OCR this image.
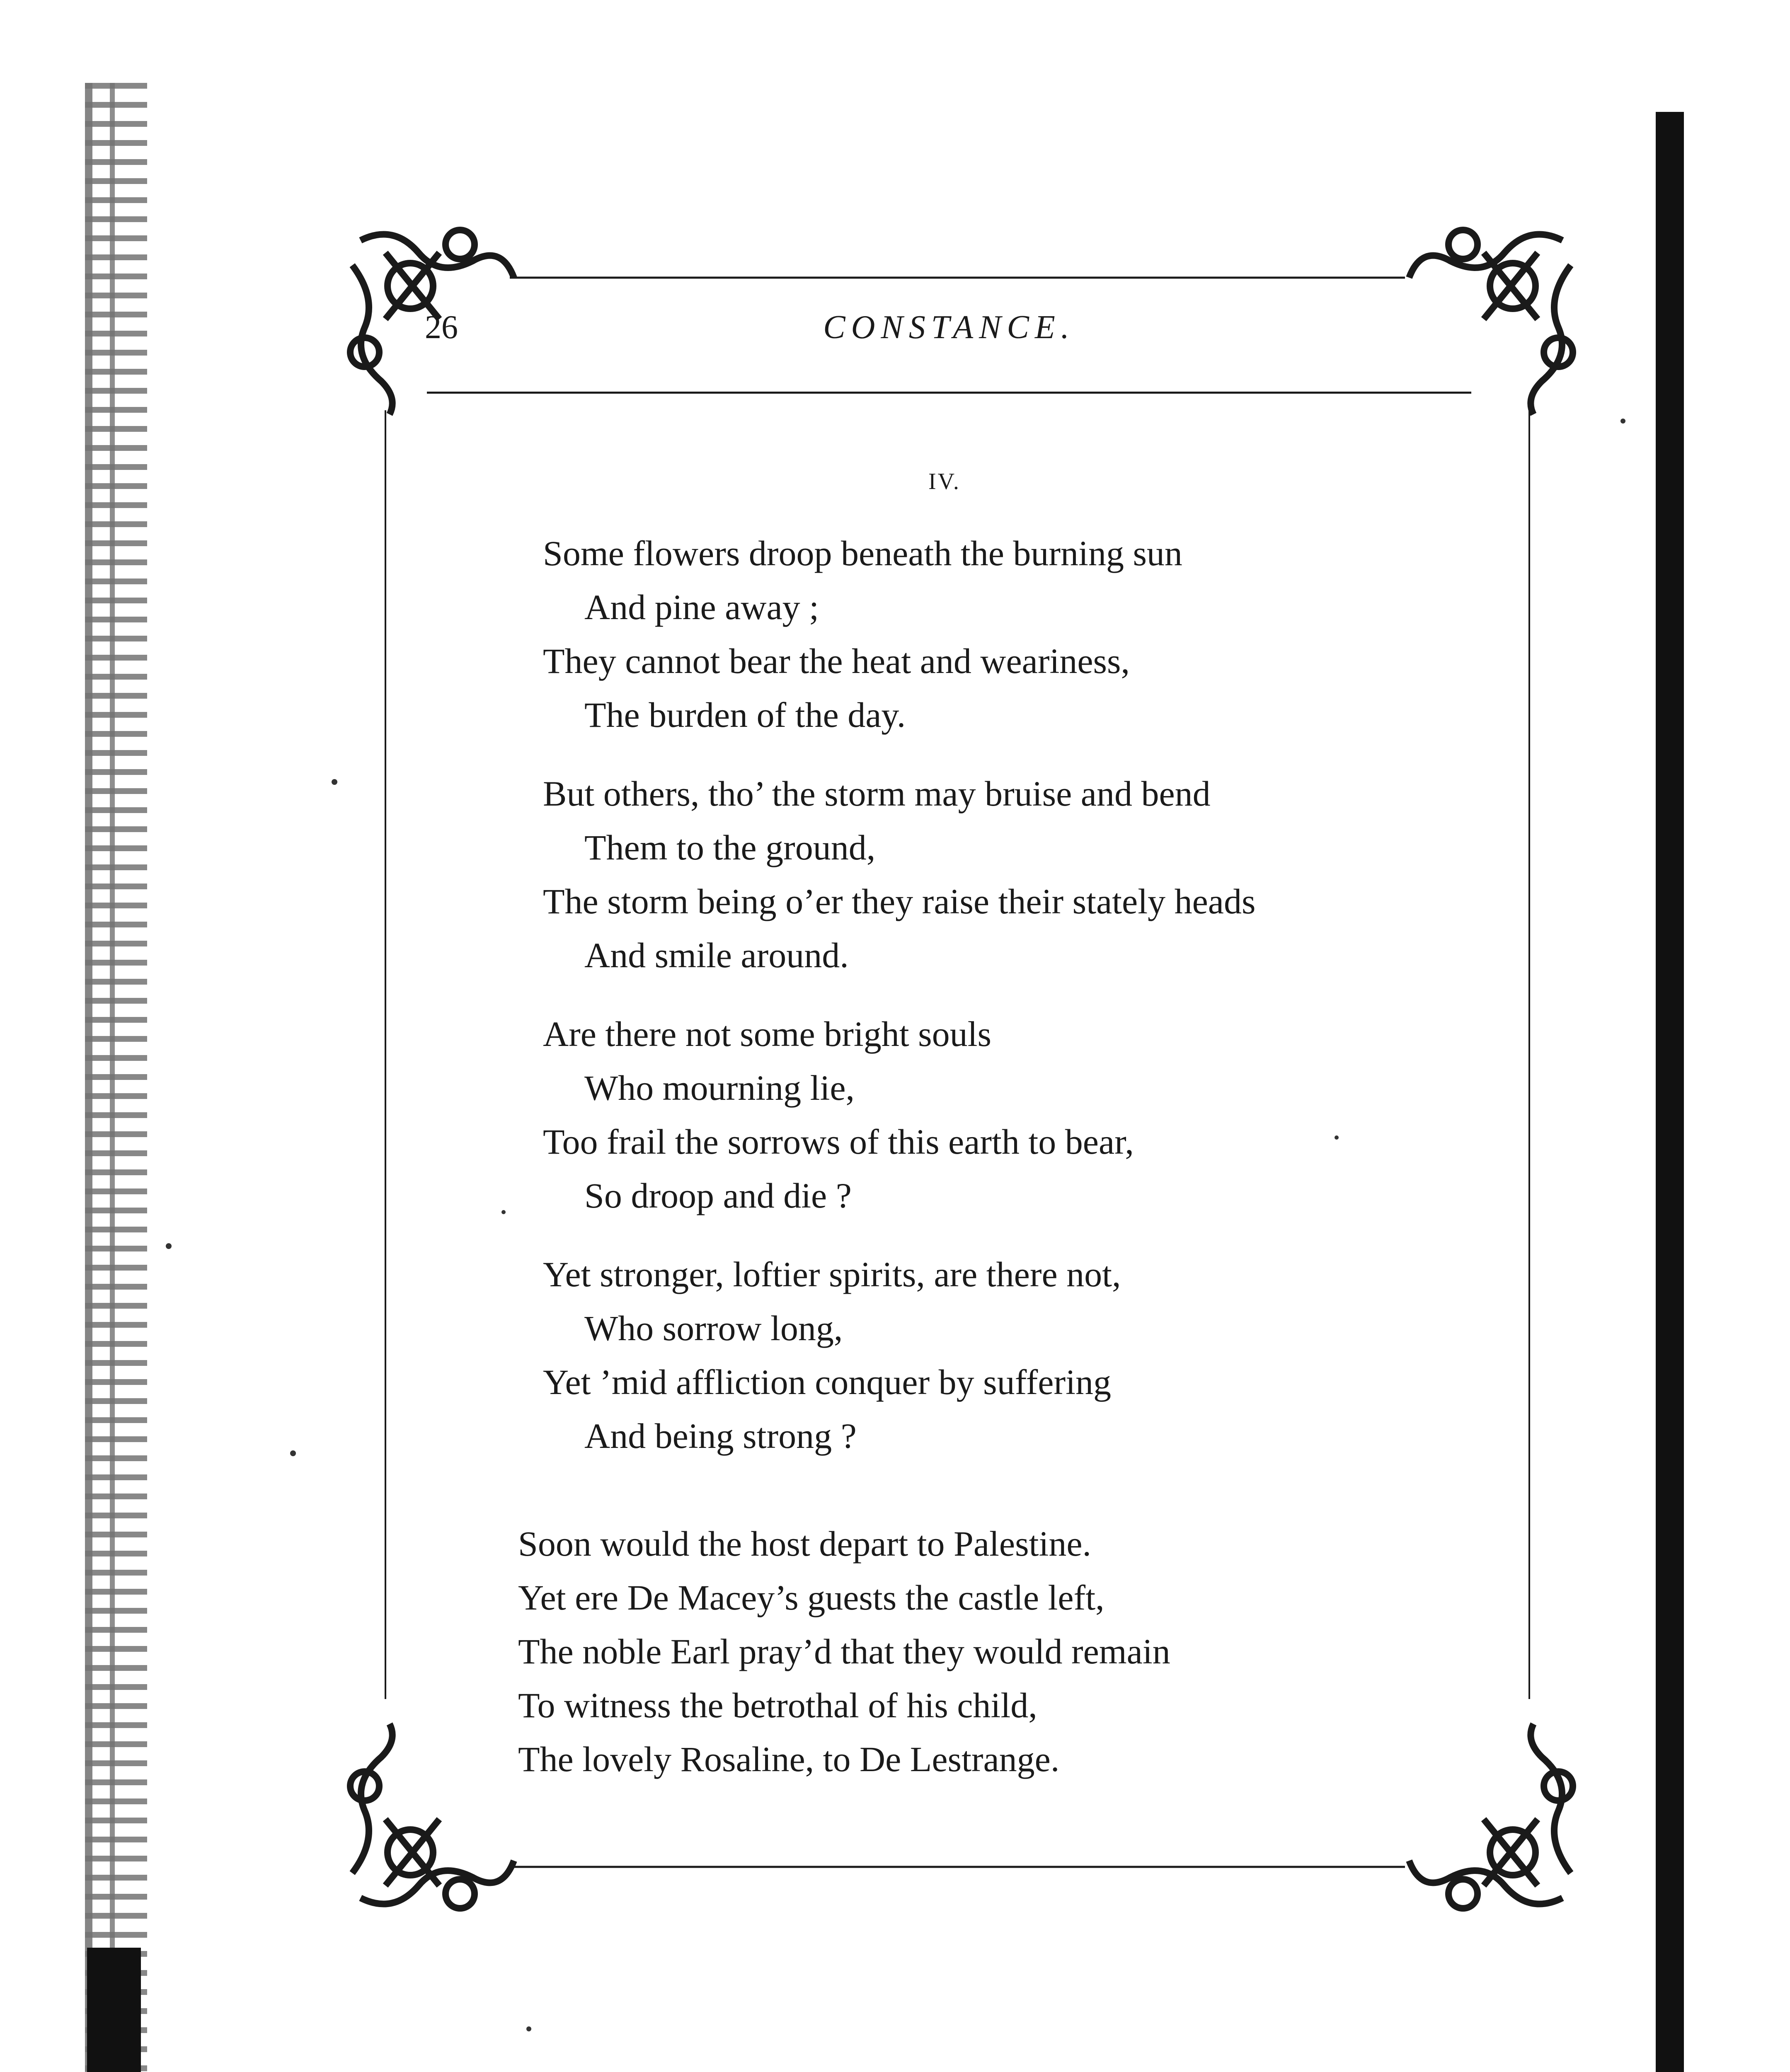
26	CONSTANCE.
IV.
Some flowers droop beneath the burning sun
And pine away ;
They cannot bear the heat and weariness,
The burden of the day.
But others, tho’ the storm may bruise and bend
Them to the ground,
The storm being o’er they raise their stately heads
And smile around.
Are there not some bright souls
Who mourning lie,
Too frail the sorrows of this earth to bear,
So droop and die ?
Yet stronger, loftier spirits, are there not,
Who sorrow long,
Yet ’mid affliction conquer by suffering
And being strong ?
Soon would the host depart to Palestine.
Yet ere De Macey’s guests the castle left,
The noble Earl pray’d that they would remain
To witness the betrothal of his child,
The lovely Rosaline, to De Lestrange.
